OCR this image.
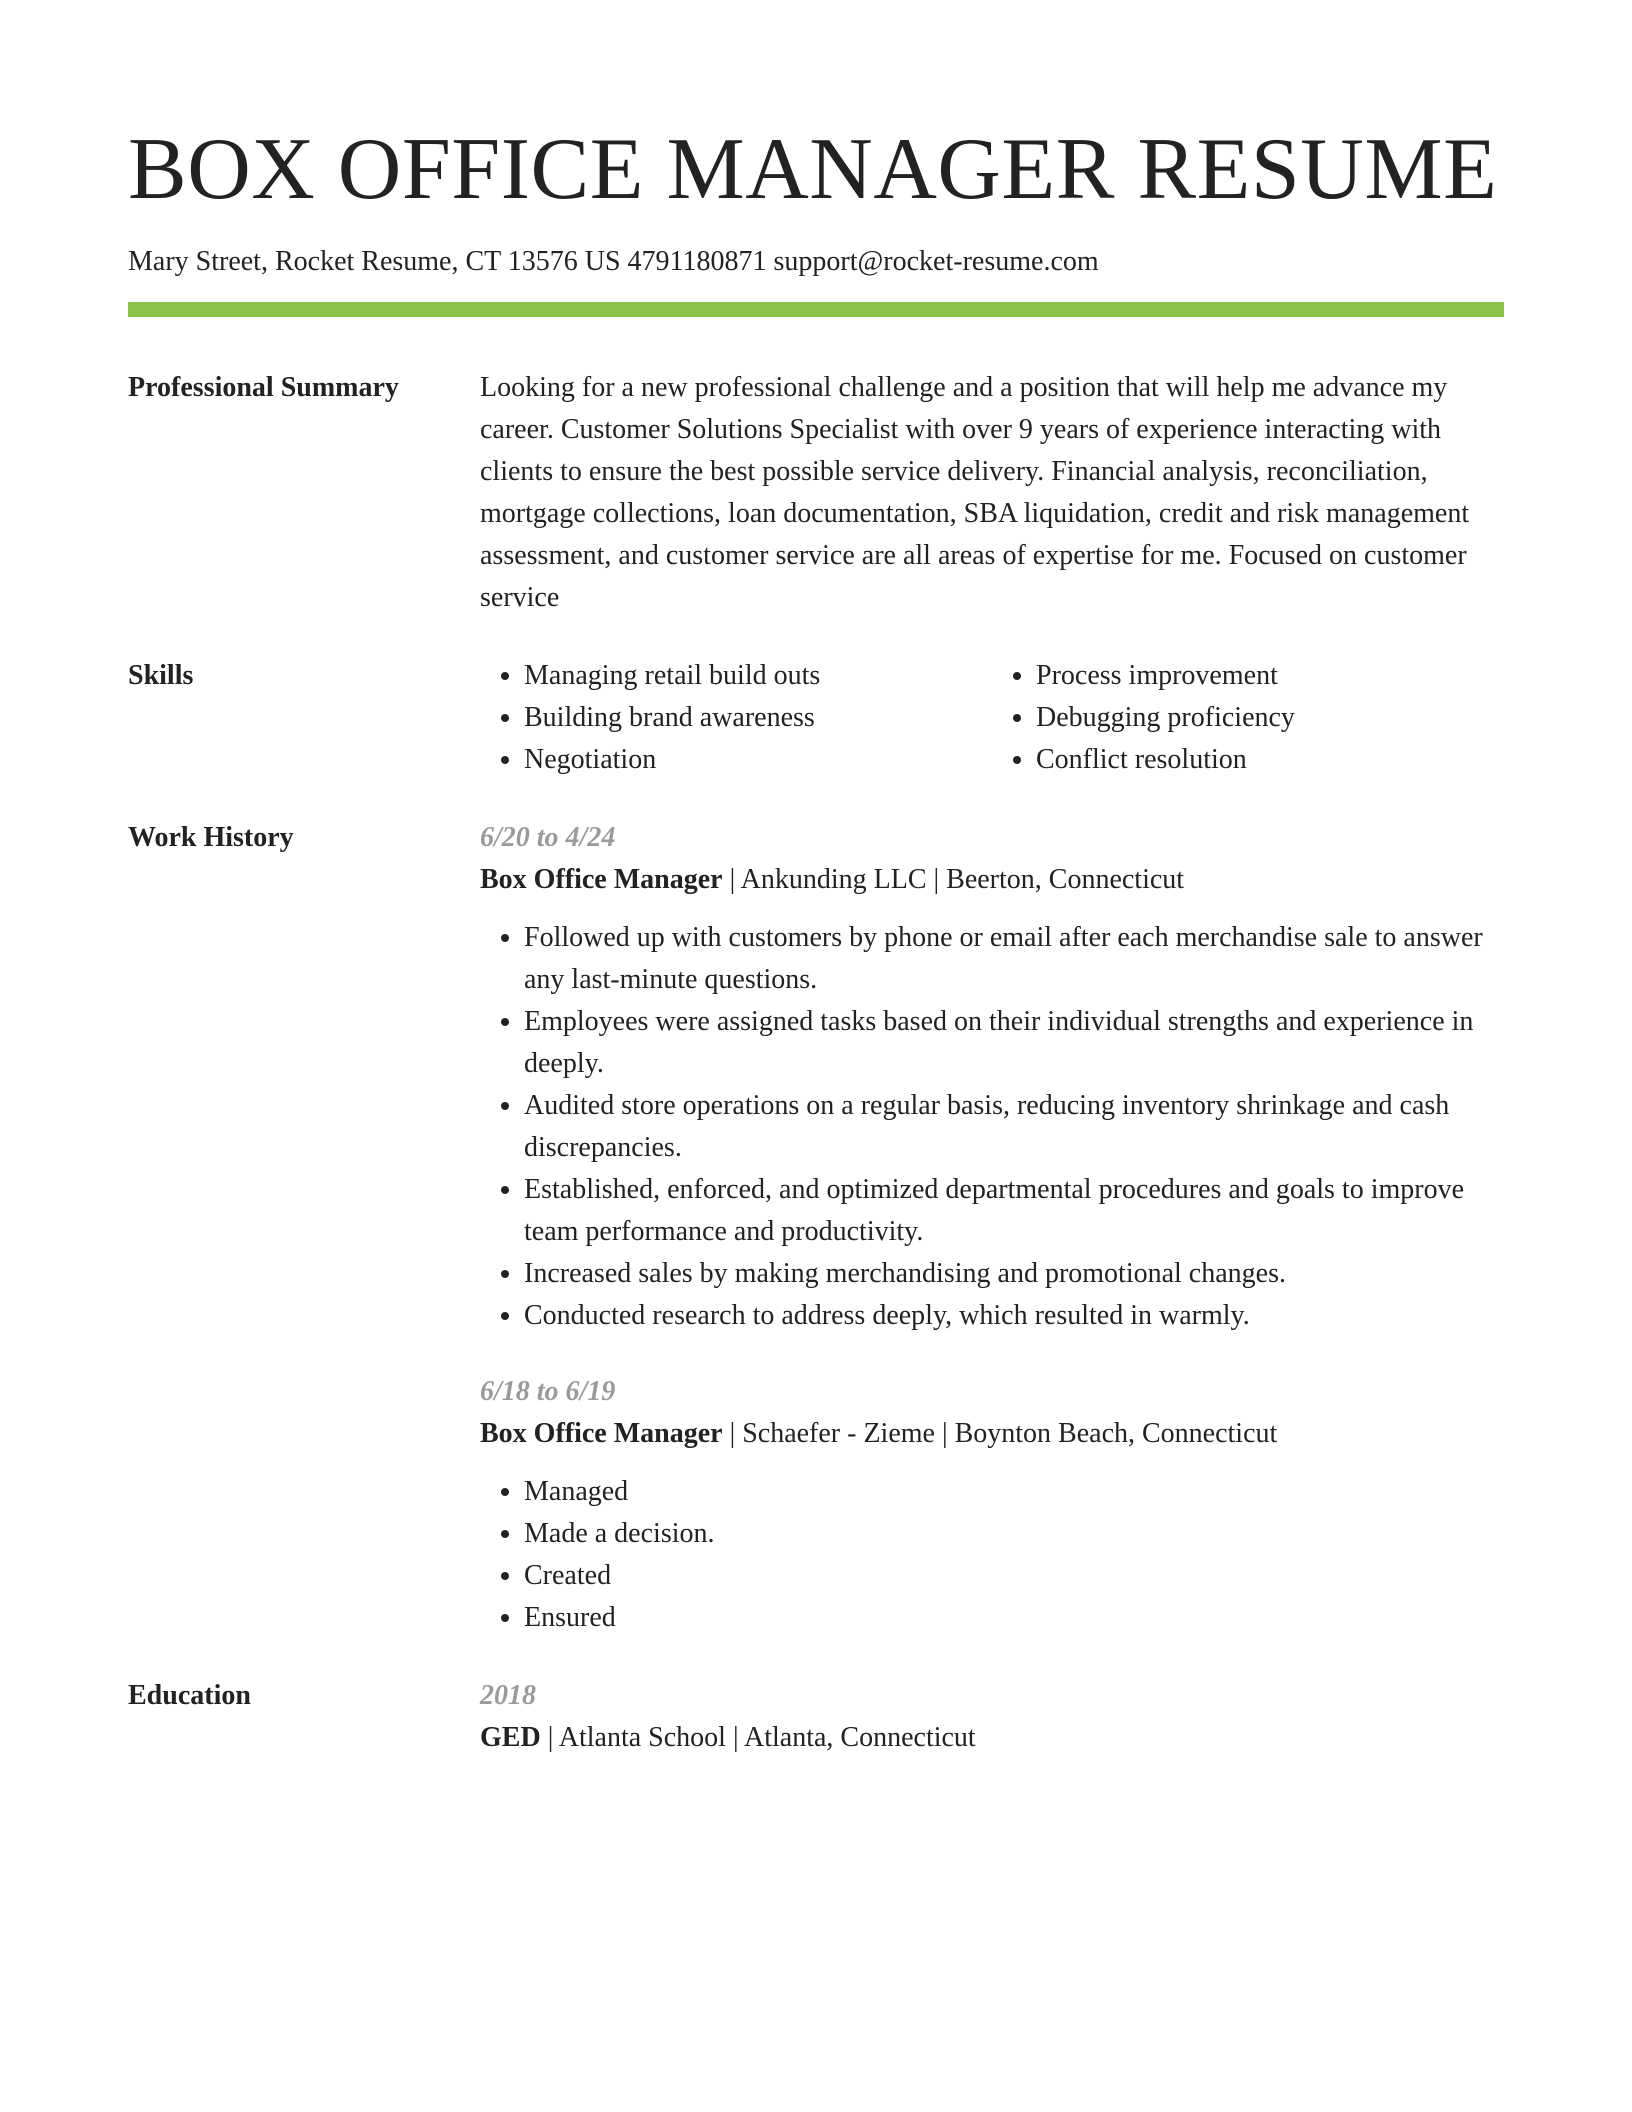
BOX OFFICE MANAGER RESUME
Mary Street, Rocket Resume, CT 13576 US 4791180871 support@rocket-resume.com
Professional Summary	Looking for a new professional challenge and a position that will help me advance my career. Customer Solutions Specialist with over 9 years of experience interacting with clients to ensure the best possible service delivery. Financial analysis, reconciliation, mortgage collections, loan documentation, SBA liquidation, credit and risk management assessment, and customer service are all areas of expertise for me. Focused on customer service
Skills
•	Managing retail build outs
• Building brand awareness
• Negotiation
• Process improvement
• Debugging proficiency
• Conflict resolution
Work History	6/20 to 4/24
Box Office Manager | Ankunding LLC | Beerton, Connecticut
• Followed up with customers by phone or email after each merchandise sale to answer any last-minute questions.
• Employees were assigned tasks based on their individual strengths and experience in deeply.
• Audited store operations on a regular basis, reducing inventory shrinkage and cash discrepancies.
• Established, enforced, and optimized departmental procedures and goals to improve team performance and productivity.
• Increased sales by making merchandising and promotional changes.
• Conducted research to address deeply, which resulted in warmly.
6/18 to 6/19
Box Office Manager | Schaefer - Zieme | Boynton Beach, Connecticut
• Managed
• Made a decision.
• Created
• Ensured
Education	2018
GED | Atlanta School | Atlanta, Connecticut
